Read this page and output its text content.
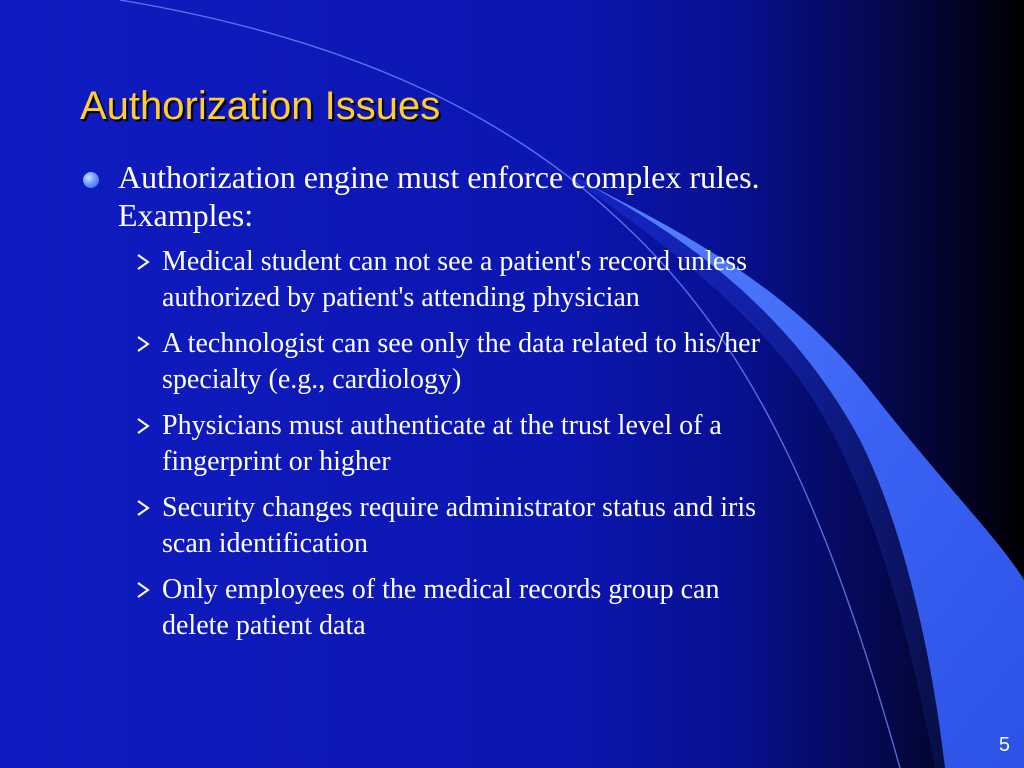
Authorization Issues
Authorization engine must enforce complex rules.
Examples:
Medical student can not see a patient's record unless
authorized by patient's attending physician
A technologist can see only the data related to his/her
specialty (e.g., cardiology)
Physicians must authenticate at the trust level of a
fingerprint or higher
Security changes require administrator status and iris
scan identification
Only employees of the medical records group can
delete patient data
5
